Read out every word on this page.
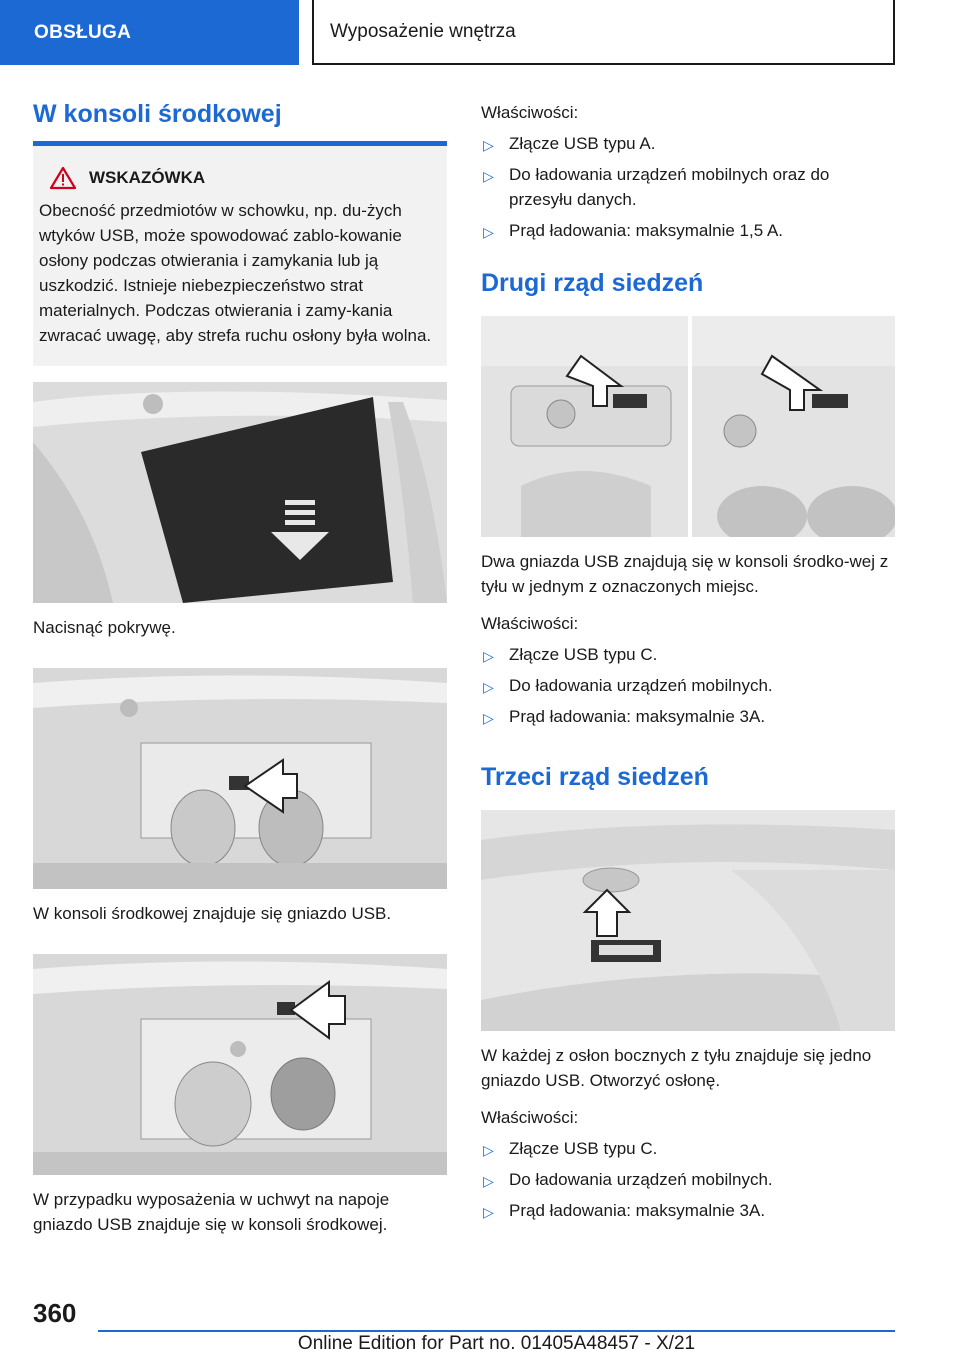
OBSŁUGA	Wyposażenie wnętrza
W konsoli środkowej
WSKAZÓWKA

Obecność przedmiotów w schowku, np. du-żych wtyków USB, może spowodować zablo-kowanie osłony podczas otwierania i zamykania lub ją uszkodzić. Istnieje niebezpieczeństwo strat materialnych. Podczas otwierania i zamy-kania zwracać uwagę, aby strefa ruchu osłony była wolna.

Nacisnąć pokrywę.

W konsoli środkowej znajduje się gniazdo USB.

W przypadku wyposażenia w uchwyt na napoje gniazdo USB znajduje się w konsoli środkowej.

Właściwości:

▷ Złącze USB typu A.
▷ Do ładowania urządzeń mobilnych oraz do przesyłu danych.
▷ Prąd ładowania: maksymalnie 1,5 A.
Drugi rząd siedzeń

Dwa gniazda USB znajdują się w konsoli środko-wej z tyłu w jednym z oznaczonych miejsc.

Właściwości:

▷ Złącze USB typu C.
▷ Do ładowania urządzeń mobilnych.
▷ Prąd ładowania: maksymalnie 3A.
Trzeci rząd siedzeń

W każdej z osłon bocznych z tyłu znajduje się jedno gniazdo USB. Otworzyć osłonę.

Właściwości:

▷ Złącze USB typu C.
▷ Do ładowania urządzeń mobilnych.
▷ Prąd ładowania: maksymalnie 3A.
360
Online Edition for Part no. 01405A48457 - X/21
